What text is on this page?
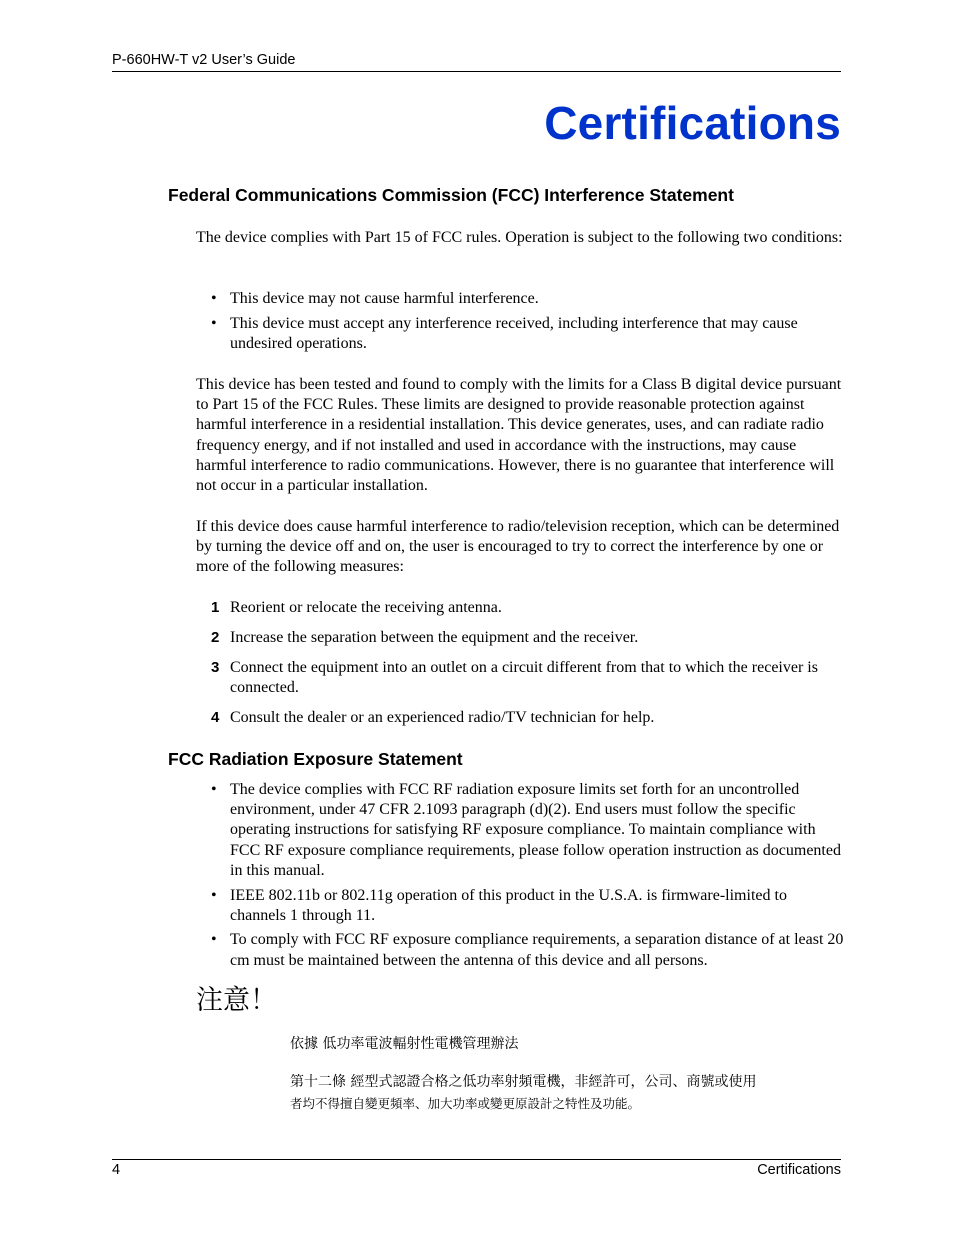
P-660HW-T v2 User’s Guide
Certifications
Federal Communications Commission (FCC) Interference Statement
The device complies with Part 15 of FCC rules. Operation is subject to the following two conditions:
• This device may not cause harmful interference.
• This device must accept any interference received, including interference that may cause undesired operations.
This device has been tested and found to comply with the limits for a Class B digital device pursuant to Part 15 of the FCC Rules. These limits are designed to provide reasonable protection against harmful interference in a residential installation. This device generates, uses, and can radiate radio frequency energy, and if not installed and used in accordance with the instructions, may cause harmful interference to radio communications. However, there is no guarantee that interference will not occur in a particular installation.
If this device does cause harmful interference to radio/television reception, which can be determined by turning the device off and on, the user is encouraged to try to correct the interference by one or more of the following measures:
1 Reorient or relocate the receiving antenna.
2 Increase the separation between the equipment and the receiver.
3 Connect the equipment into an outlet on a circuit different from that to which the receiver is connected.
4 Consult the dealer or an experienced radio/TV technician for help.
FCC Radiation Exposure Statement
• The device complies with FCC RF radiation exposure limits set forth for an uncontrolled environment, under 47 CFR 2.1093 paragraph (d)(2). End users must follow the specific operating instructions for satisfying RF exposure compliance. To maintain compliance with FCC RF exposure compliance requirements, please follow operation instruction as documented in this manual.
• IEEE 802.11b or 802.11g operation of this product in the U.S.A. is firmware-limited to channels 1 through 11.
• To comply with FCC RF exposure compliance requirements, a separation distance of at least 20 cm must be maintained between the antenna of this device and all persons.
注意！
依據 低功率電波輻射性電機管理辦法
第十二條 經型式認證合格之低功率射頻電機，非經許可，公司、商號或使用
者均不得擅自變更頻率、加大功率或變更原設計之特性及功能。
4	Certifications
